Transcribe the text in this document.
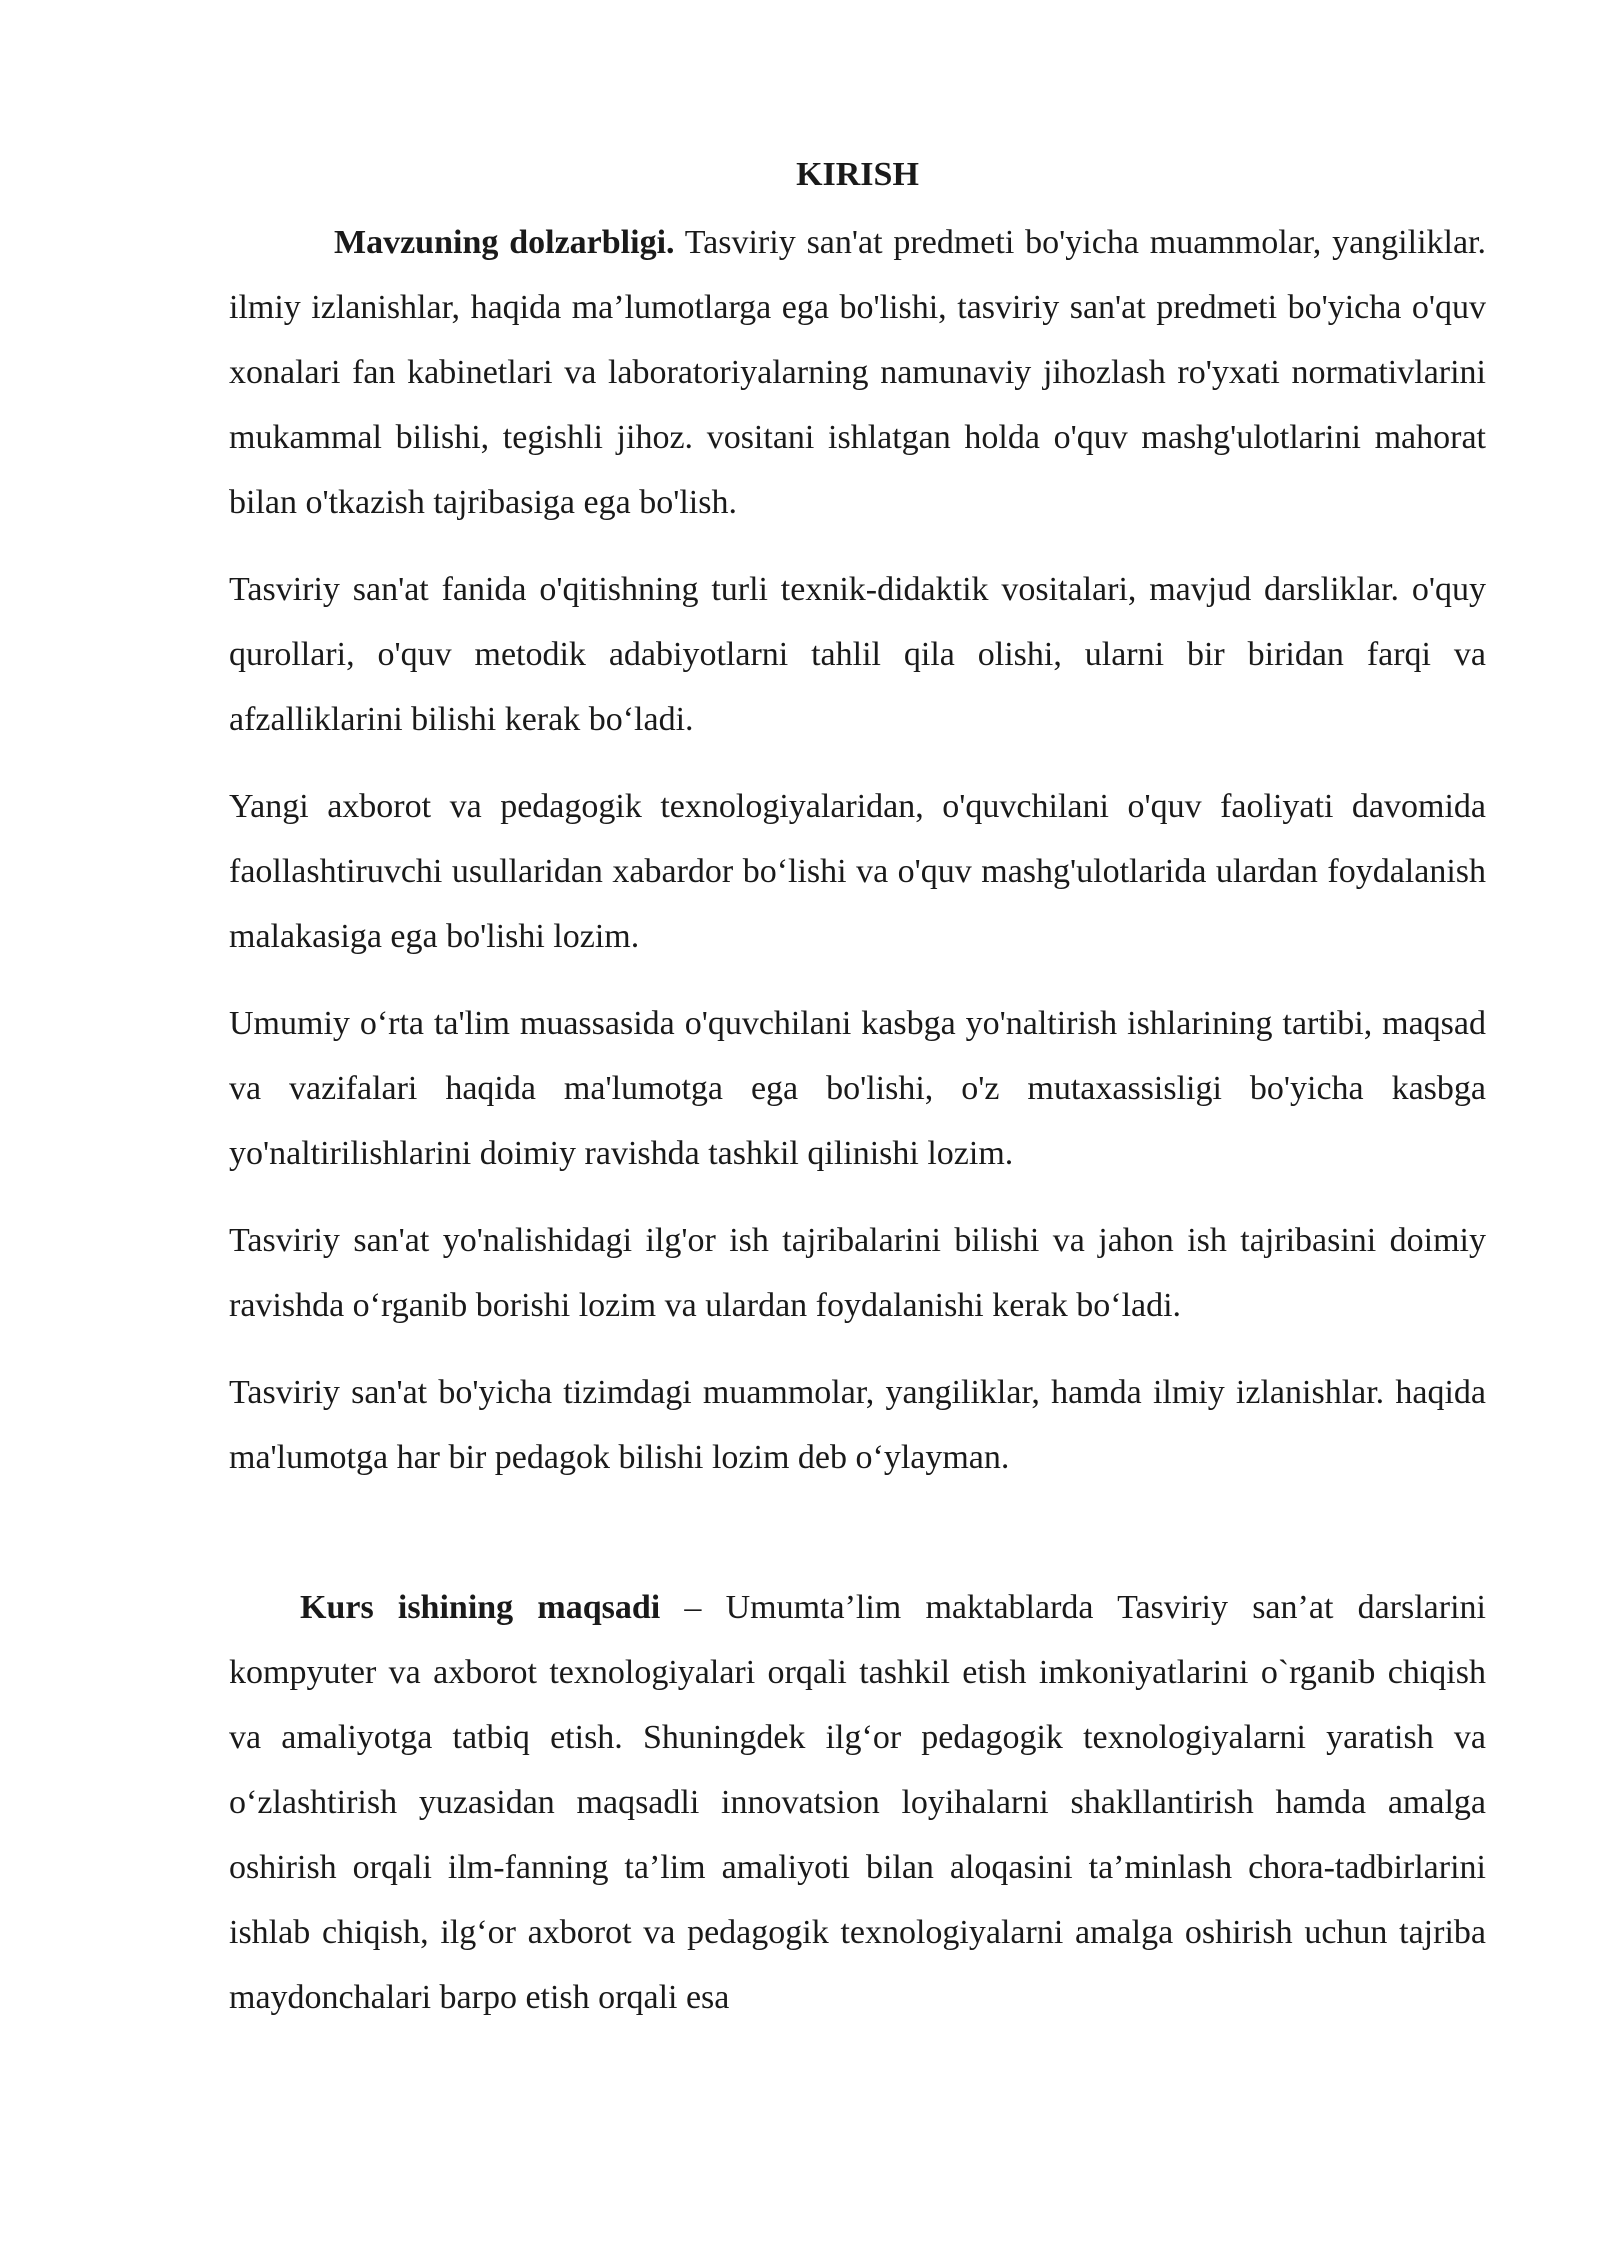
KIRISH

Mavzuning dolzarbligi. Tasviriy san'at predmeti bo'yicha muammolar, yangiliklar. ilmiy izlanishlar, haqida ma’lumotlarga ega bo'lishi, tasviriy san'at predmeti bo'yicha o'quv xonalari fan kabinetlari va laboratoriyalarning namunaviy jihozlash ro'yxati normativlarini mukammal bilishi, tegishli jihoz. vositani ishlatgan holda o'quv mashg'ulotlarini mahorat bilan o'tkazish tajribasiga ega bo'lish.

Tasviriy san'at fanida o'qitishning turli texnik-didaktik vositalari, mavjud darsliklar. o'quy qurollari, o'quv metodik adabiyotlarni tahlil qila olishi, ularni bir biridan farqi va afzalliklarini bilishi kerak bo‘ladi.

Yangi axborot va pedagogik texnologiyalaridan, o'quvchilani o'quv faoliyati davomida faollashtiruvchi usullaridan xabardor bo‘lishi va o'quv mashg'ulotlarida ulardan foydalanish malakasiga ega bo'lishi lozim.

Umumiy o‘rta ta'lim muassasida o'quvchilani kasbga yo'naltirish ishlarining tartibi, maqsad va vazifalari haqida ma'lumotga ega bo'lishi, o'z mutaxassisligi bo'yicha kasbga yo'naltirilishlarini doimiy ravishda tashkil qilinishi lozim.

Tasviriy san'at yo'nalishidagi ilg'or ish tajribalarini bilishi va jahon ish tajribasini doimiy ravishda o‘rganib borishi lozim va ulardan foydalanishi kerak bo‘ladi.

Tasviriy san'at bo'yicha tizimdagi muammolar, yangiliklar, hamda ilmiy izlanishlar. haqida ma'lumotga har bir pedagok bilishi lozim deb o‘ylayman.

Kurs ishining maqsadi – Umumta’lim maktablarda Tasviriy san’at darslarini kompyuter va axborot texnologiyalari orqali tashkil etish imkoniyatlarini o`rganib chiqish va amaliyotga tatbiq etish. Shuningdek ilg‘or pedagogik texnologiyalarni yaratish va o‘zlashtirish yuzasidan maqsadli innovatsion loyihalarni shakllantirish hamda amalga oshirish orqali ilm-fanning ta’lim amaliyoti bilan aloqasini ta’minlash chora-tadbirlarini ishlab chiqish, ilg‘or axborot va pedagogik texnologiyalarni amalga oshirish uchun tajriba maydonchalari barpo etish orqali esa
